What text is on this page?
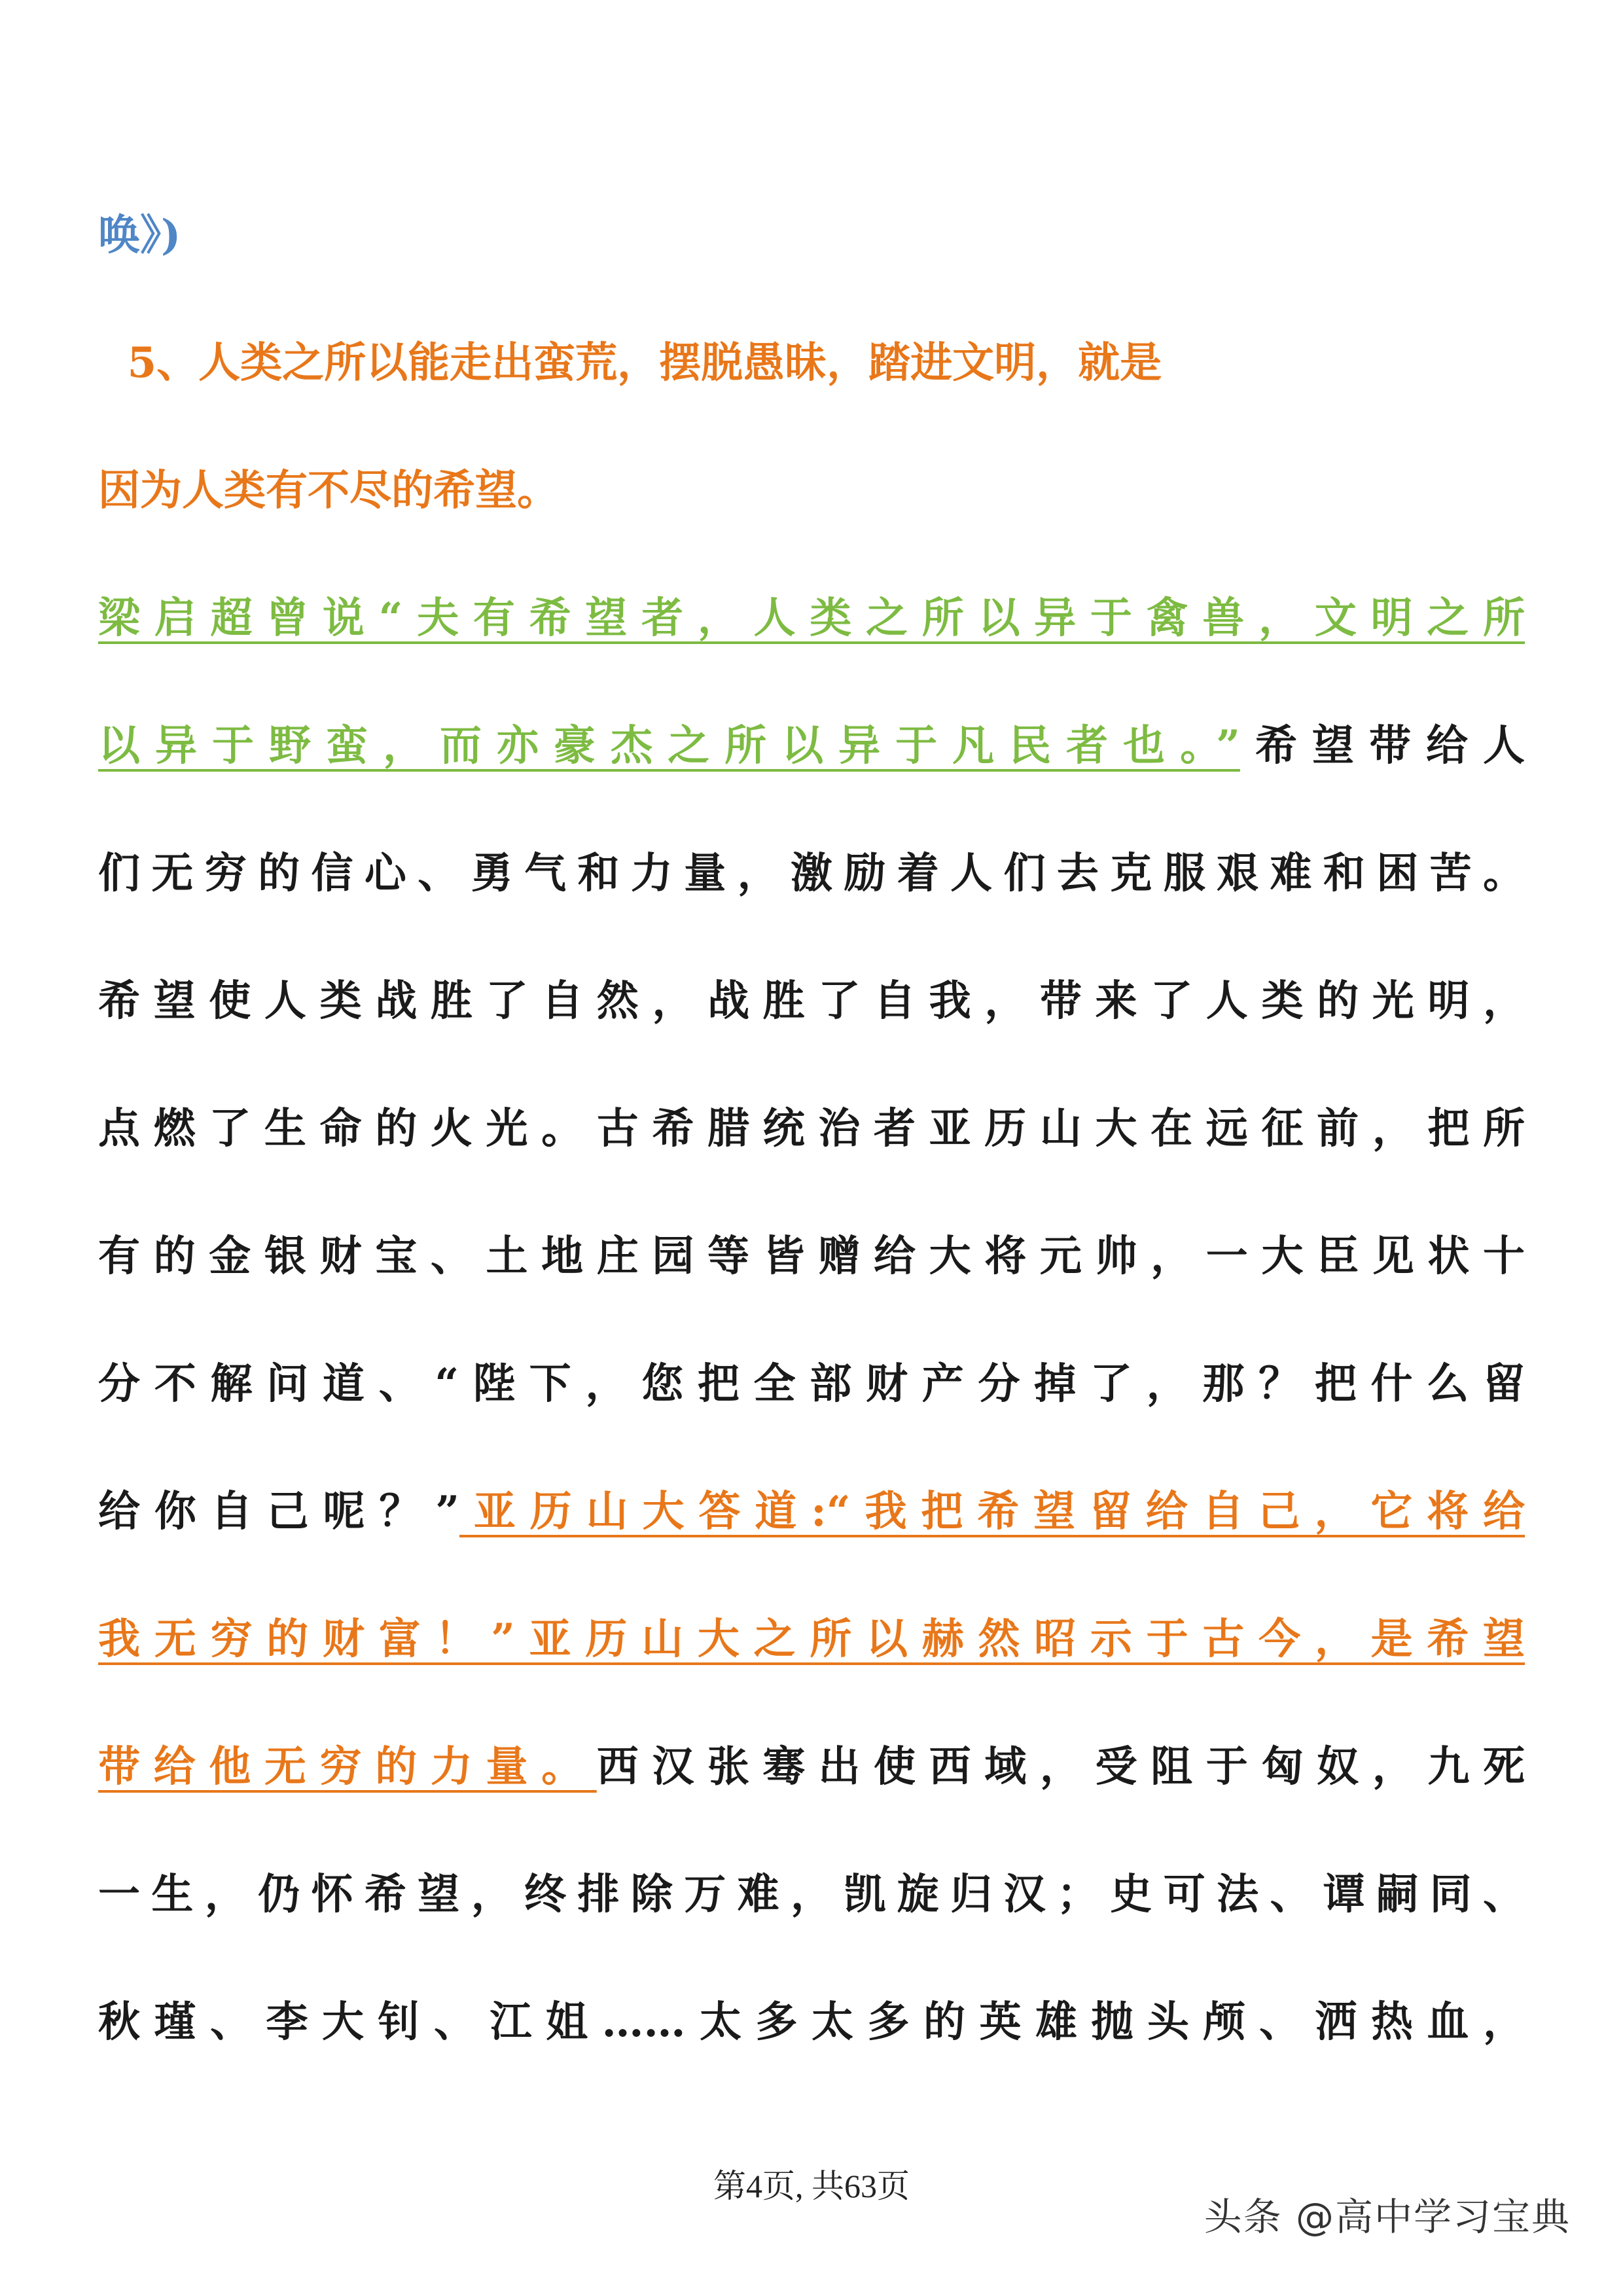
唤》)
5、人类之所以能走出蛮荒，摆脱愚昧，踏进文明，就是
因为人类有不尽的希望。
梁启超曾说“夫有希望者，人类之所以异于禽兽，文明之所
以异于野蛮，而亦豪杰之所以异于凡民者也。”希望带给人
们无穷的信心、勇气和力量，激励着人们去克服艰难和困苦。
希望使人类战胜了自然，战胜了自我，带来了人类的光明，
点燃了生命的火光。古希腊统治者亚历山大在远征前，把所
有的金银财宝、土地庄园等皆赠给大将元帅，一大臣见状十
分不解问道、“陛下，您把全部财产分掉了，那？把什么留
给你自己呢？”亚历山大答道:“我把希望留给自己，它将给
我无穷的财富！”亚历山大之所以赫然昭示于古今，是希望
带给他无穷的力量。西汉张骞出使西域，受阻于匈奴，九死
一生，仍怀希望，终排除万难，凯旋归汉；史可法、谭嗣同、
秋瑾、李大钊、江姐……太多太多的英雄抛头颅、洒热血，
第4页, 共63页
头条 @高中学习宝典
